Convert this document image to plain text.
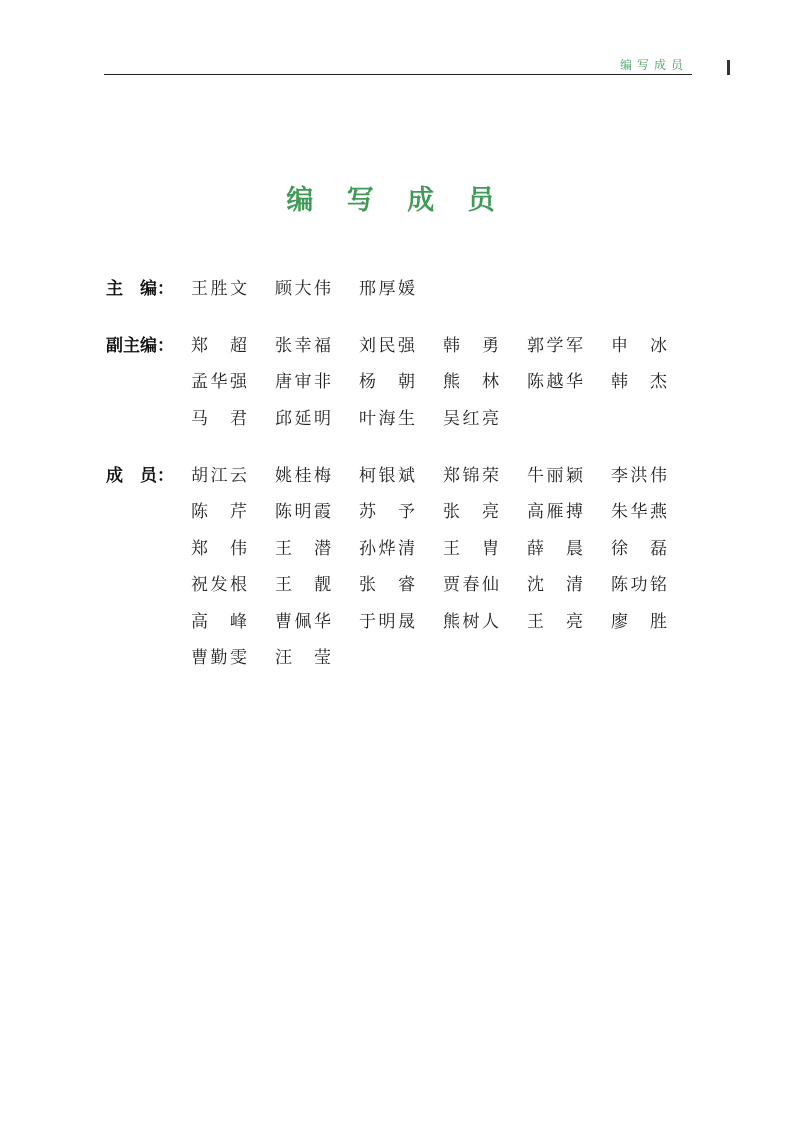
编写成员
编 写 成 员
主　编：	王胜文 顾大伟 邢厚媛
副主编：	郑　超 张幸福 刘民强 韩　勇 郭学军 申　冰
孟华强 唐审非 杨　朝 熊　林 陈越华 韩　杰
马　君 邱延明 叶海生 吴红亮
成　员：	胡江云 姚桂梅 柯银斌 郑锦荣 牛丽颖 李洪伟
陈　芹 陈明霞 苏　予 张　亮 高雁搏 朱华燕
郑　伟 王　潜 孙烨清 王　胄 薛　晨 徐　磊
祝发根 王　靓 张　睿 贾春仙 沈　清 陈功铭
高　峰 曹佩华 于明晟 熊树人 王　亮 廖　胜
曹勤雯 汪　莹
